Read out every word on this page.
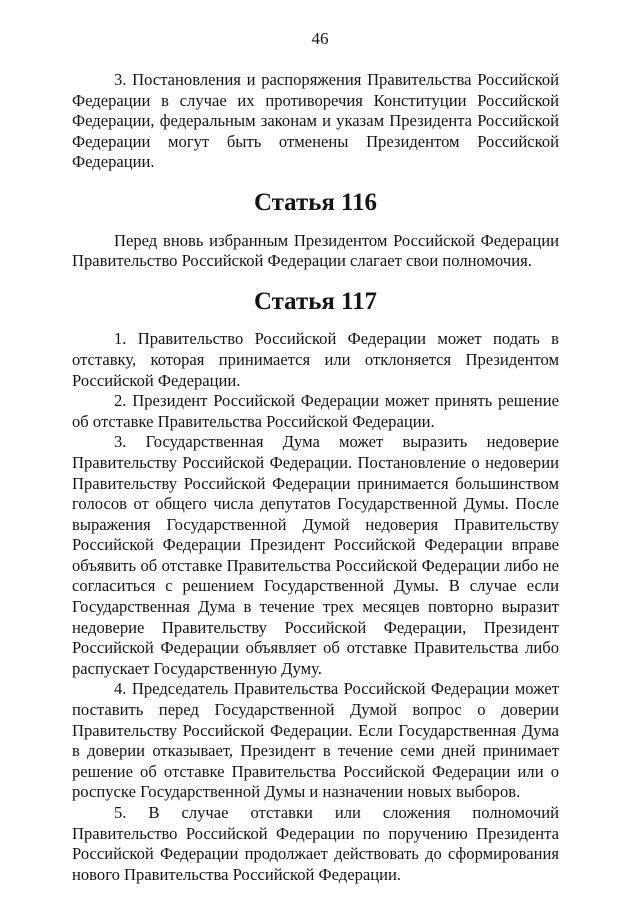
46

3. Постановления и распоряжения Правительства Российской Федерации в случае их противоречия Конституции Российской Федерации, федеральным законам и указам Президента Российской Федерации могут быть отменены Президентом Российской Федерации.

Статья 116

Перед вновь избранным Президентом Российской Федерации Правительство Российской Федерации слагает свои полномочия.

Статья 117

1. Правительство Российской Федерации может подать в отставку, которая принимается или отклоняется Президентом Российской Федерации.

2. Президент Российской Федерации может принять решение об отставке Правительства Российской Федерации.

3. Государственная Дума может выразить недоверие Правительству Российской Федерации. Постановление о недоверии Правительству Российской Федерации принимается большинством голосов от общего числа депутатов Государственной Думы. После выражения Государственной Думой недоверия Правительству Российской Федерации Президент Российской Федерации вправе объявить об отставке Правительства Российской Федерации либо не согласиться с решением Государственной Думы. В случае если Государственная Дума в течение трех месяцев повторно выразит недоверие Правительству Российской Федерации, Президент Российской Федерации объявляет об отставке Правительства либо распускает Государственную Думу.

4. Председатель Правительства Российской Федерации может поставить перед Государственной Думой вопрос о доверии Правительству Российской Федерации. Если Государственная Дума в доверии отказывает, Президент в течение семи дней принимает решение об отставке Правительства Российской Федерации или о роспуске Государственной Думы и назначении новых выборов.

5. В случае отставки или сложения полномочий Правительство Российской Федерации по поручению Президента Российской Федерации продолжает действовать до сформирования нового Правительства Российской Федерации.
